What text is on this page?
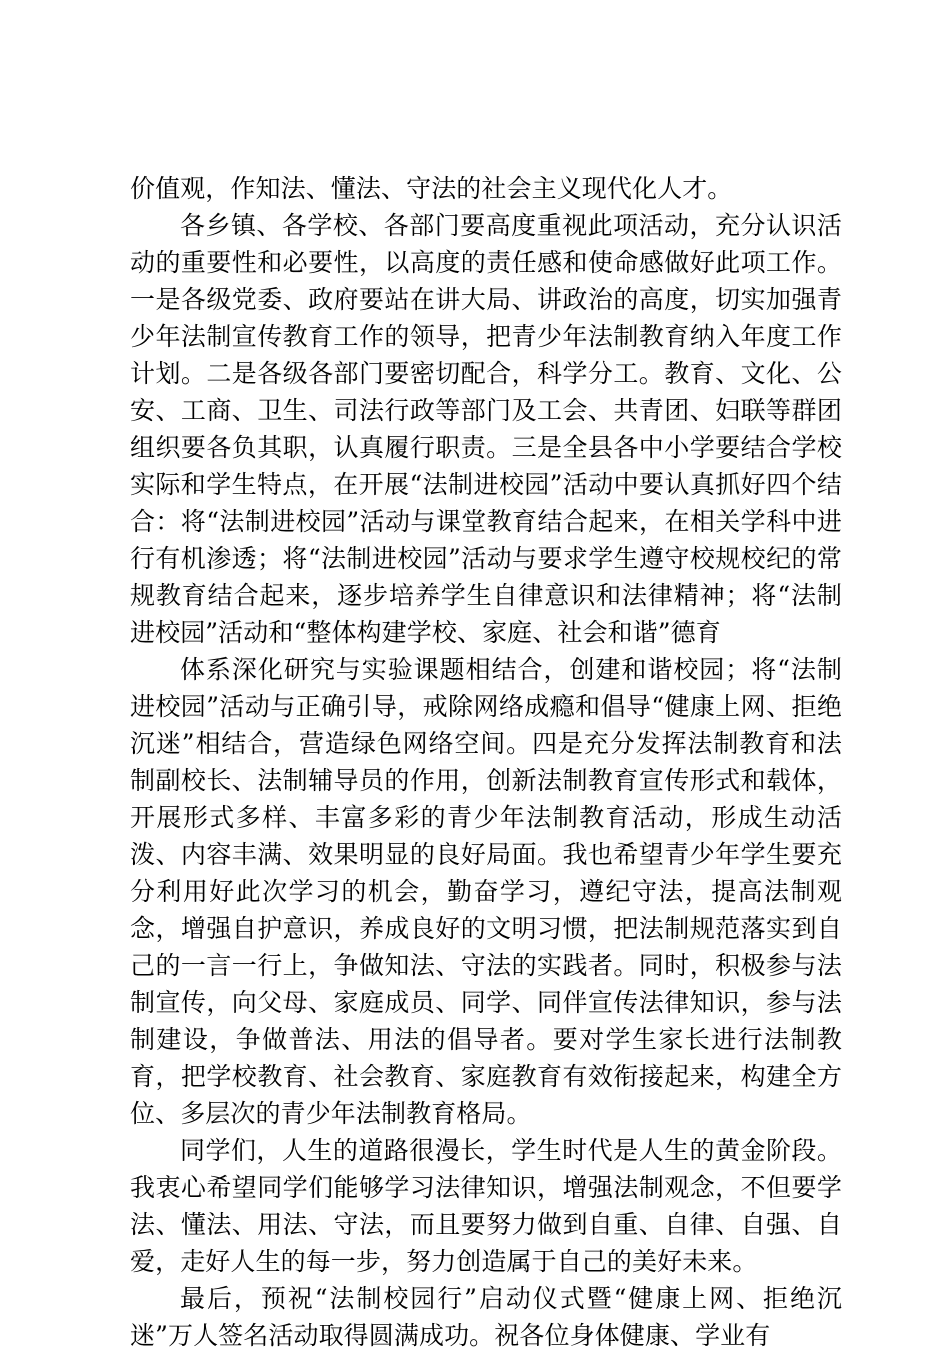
价值观，作知法、懂法、守法的社会主义现代化人才。

各乡镇、各学校、各部门要高度重视此项活动，充分认识活动的重要性和必要性，以高度的责任感和使命感做好此项工作。一是各级党委、政府要站在讲大局、讲政治的高度，切实加强青少年法制宣传教育工作的领导，把青少年法制教育纳入年度工作计划。二是各级各部门要密切配合，科学分工。教育、文化、公安、工商、卫生、司法行政等部门及工会、共青团、妇联等群团组织要各负其职，认真履行职责。三是全县各中小学要结合学校实际和学生特点，在开展“法制进校园”活动中要认真抓好四个结合：将“法制进校园”活动与课堂教育结合起来，在相关学科中进行有机渗透；将“法制进校园”活动与要求学生遵守校规校纪的常规教育结合起来，逐步培养学生自律意识和法律精神；将“法制进校园”活动和“整体构建学校、家庭、社会和谐”德育

体系深化研究与实验课题相结合，创建和谐校园；将“法制进校园”活动与正确引导，戒除网络成瘾和倡导“健康上网、拒绝沉迷”相结合，营造绿色网络空间。四是充分发挥法制教育和法制副校长、法制辅导员的作用，创新法制教育宣传形式和载体，开展形式多样、丰富多彩的青少年法制教育活动，形成生动活泼、内容丰满、效果明显的良好局面。我也希望青少年学生要充分利用好此次学习的机会，勤奋学习，遵纪守法，提高法制观念，增强自护意识，养成良好的文明习惯，把法制规范落实到自己的一言一行上，争做知法、守法的实践者。同时，积极参与法制宣传，向父母、家庭成员、同学、同伴宣传法律知识，参与法制建设，争做普法、用法的倡导者。要对学生家长进行法制教育，把学校教育、社会教育、家庭教育有效衔接起来，构建全方位、多层次的青少年法制教育格局。

同学们，人生的道路很漫长，学生时代是人生的黄金阶段。我衷心希望同学们能够学习法律知识，增强法制观念，不但要学法、懂法、用法、守法，而且要努力做到自重、自律、自强、自爱，走好人生的每一步，努力创造属于自己的美好未来。

最后，预祝“法制校园行”启动仪式暨“健康上网、拒绝沉迷”万人签名活动取得圆满成功。祝各位身体健康、学业有
